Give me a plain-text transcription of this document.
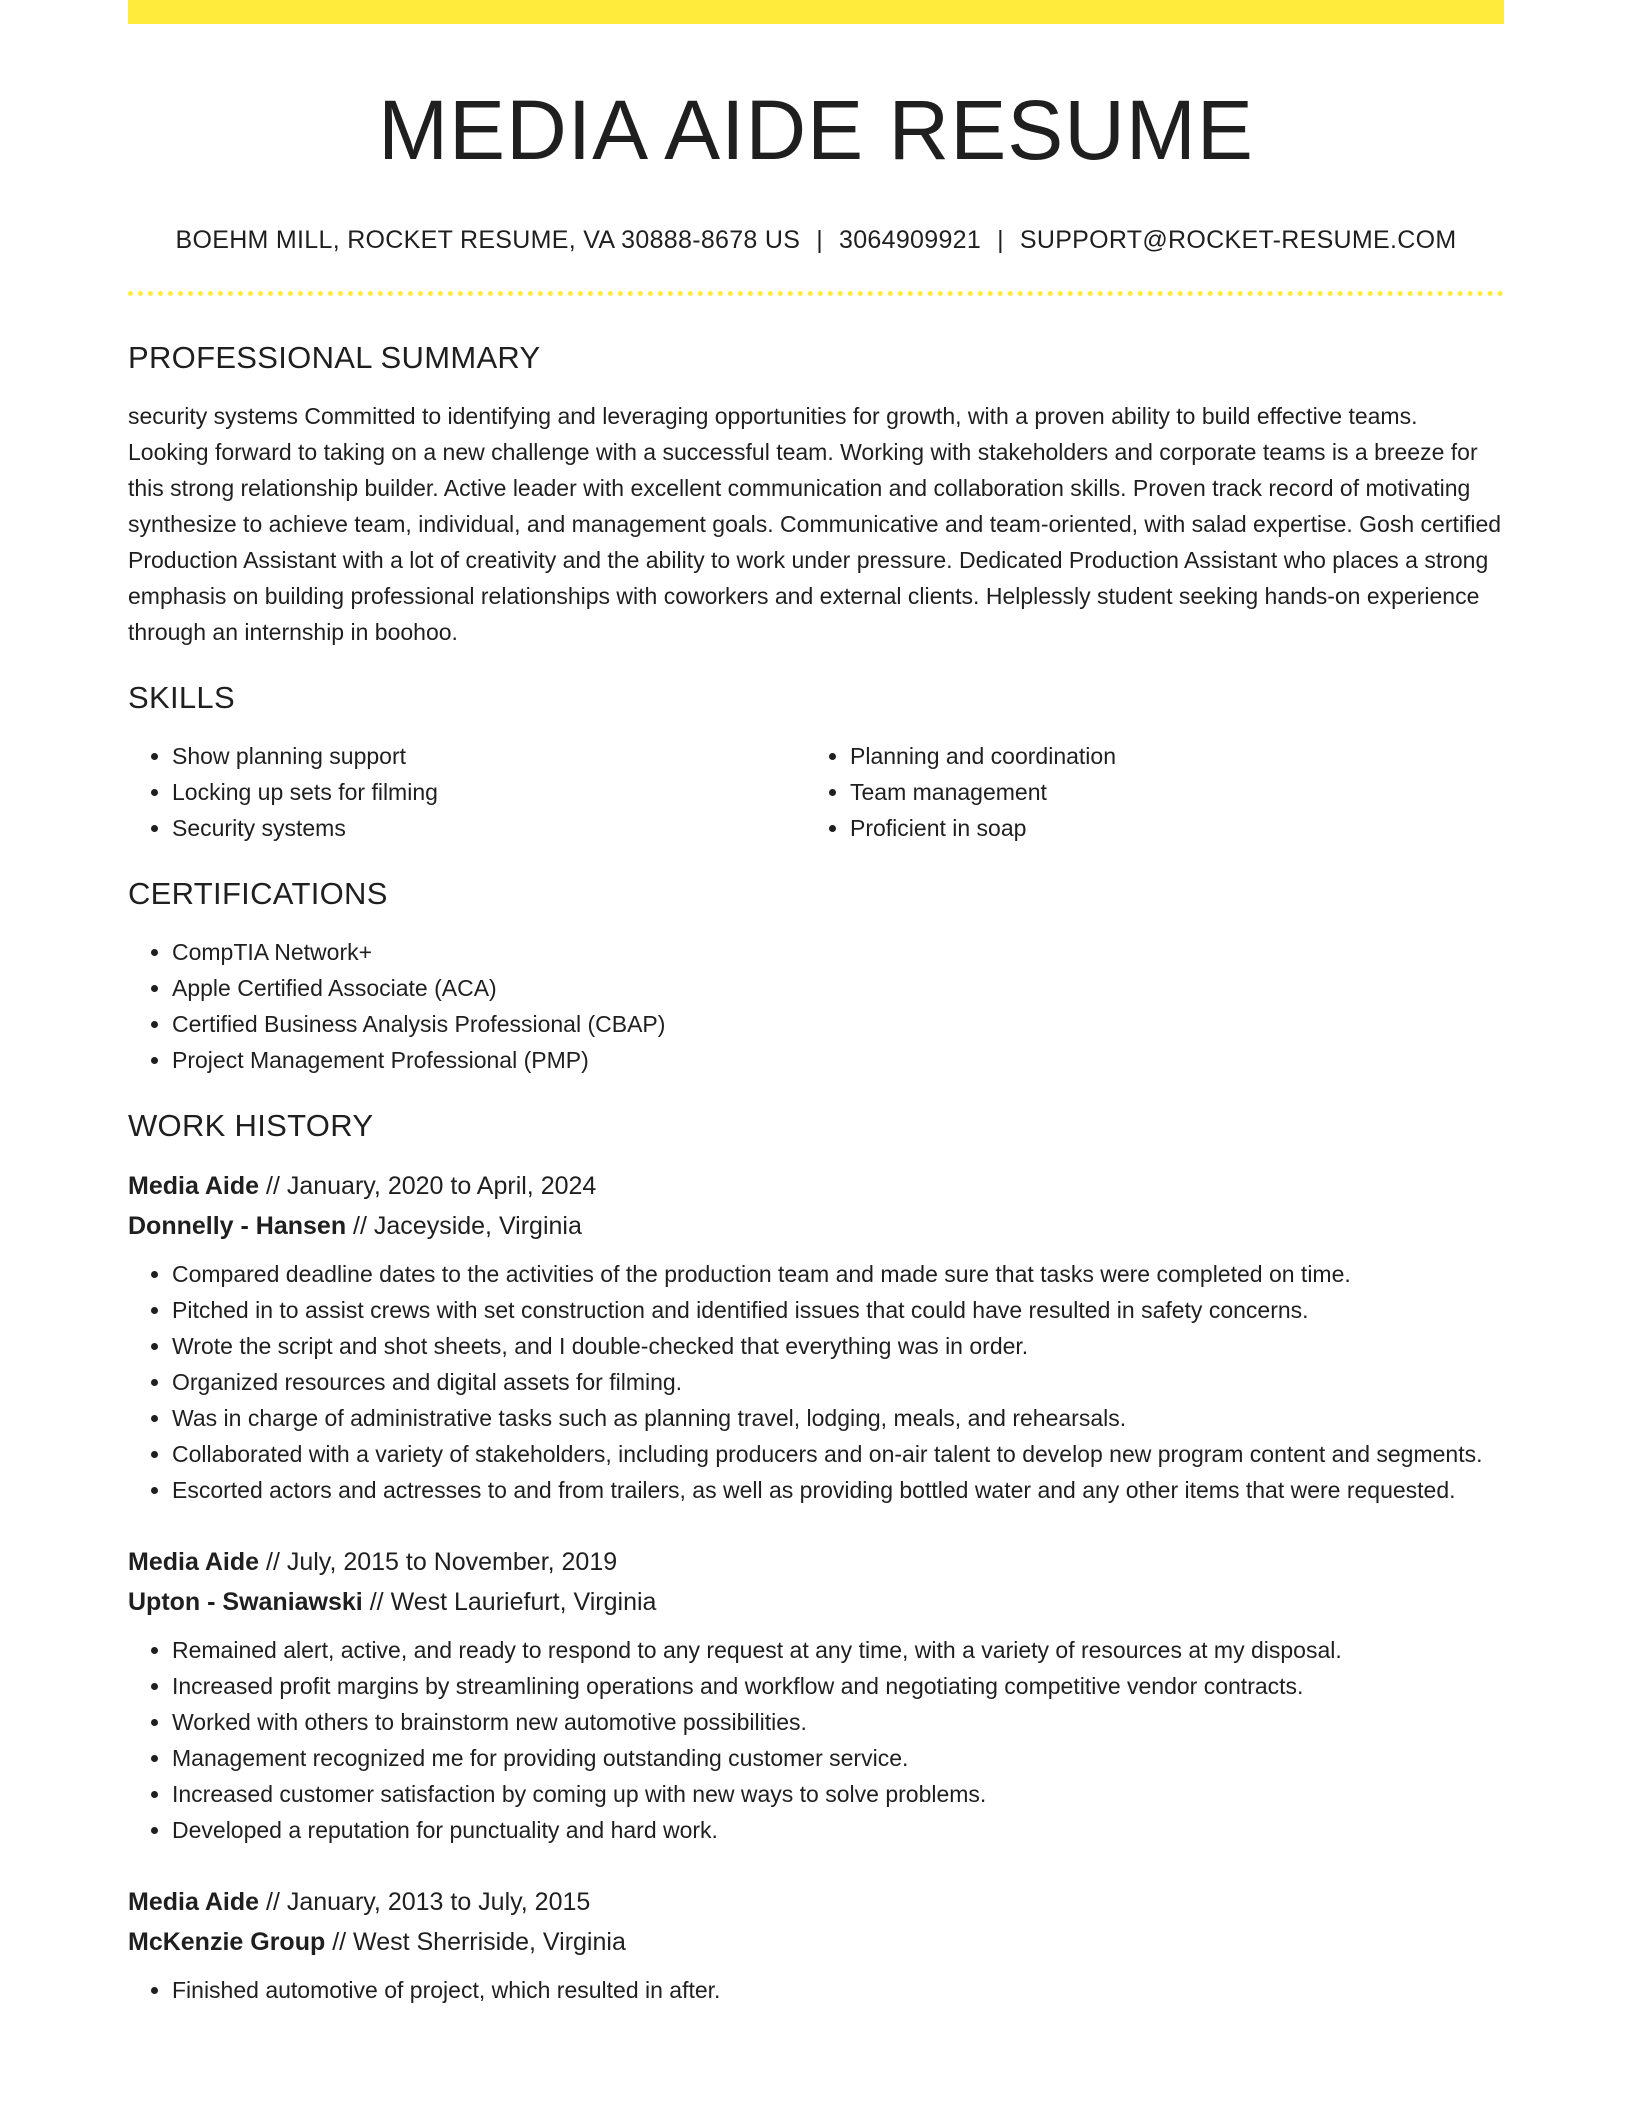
MEDIA AIDE RESUME
BOEHM MILL, ROCKET RESUME, VA 30888-8678 US | 3064909921 | SUPPORT@ROCKET-RESUME.COM
PROFESSIONAL SUMMARY

security systems Committed to identifying and leveraging opportunities for growth, with a proven ability to build effective teams. Looking forward to taking on a new challenge with a successful team. Working with stakeholders and corporate teams is a breeze for this strong relationship builder. Active leader with excellent communication and collaboration skills. Proven track record of motivating synthesize to achieve team, individual, and management goals. Communicative and team-oriented, with salad expertise. Gosh certified Production Assistant with a lot of creativity and the ability to work under pressure. Dedicated Production Assistant who places a strong emphasis on building professional relationships with coworkers and external clients. Helplessly student seeking hands-on experience through an internship in boohoo.

SKILLS
• Show planning support
• Locking up sets for filming
• Security systems
• Planning and coordination
• Team management
• Proficient in soap
CERTIFICATIONS
• CompTIA Network+
• Apple Certified Associate (ACA)
• Certified Business Analysis Professional (CBAP)
• Project Management Professional (PMP)
WORK HISTORY
Media Aide // January, 2020 to April, 2024
Donnelly - Hansen // Jaceyside, Virginia
• Compared deadline dates to the activities of the production team and made sure that tasks were completed on time.
• Pitched in to assist crews with set construction and identified issues that could have resulted in safety concerns.
• Wrote the script and shot sheets, and I double-checked that everything was in order.
• Organized resources and digital assets for filming.
• Was in charge of administrative tasks such as planning travel, lodging, meals, and rehearsals.
• Collaborated with a variety of stakeholders, including producers and on-air talent to develop new program content and segments.
• Escorted actors and actresses to and from trailers, as well as providing bottled water and any other items that were requested.
Media Aide // July, 2015 to November, 2019
Upton - Swaniawski // West Lauriefurt, Virginia
• Remained alert, active, and ready to respond to any request at any time, with a variety of resources at my disposal.
• Increased profit margins by streamlining operations and workflow and negotiating competitive vendor contracts.
• Worked with others to brainstorm new automotive possibilities.
• Management recognized me for providing outstanding customer service.
• Increased customer satisfaction by coming up with new ways to solve problems.
• Developed a reputation for punctuality and hard work.
Media Aide // January, 2013 to July, 2015
McKenzie Group // West Sherriside, Virginia
• Finished automotive of project, which resulted in after.
